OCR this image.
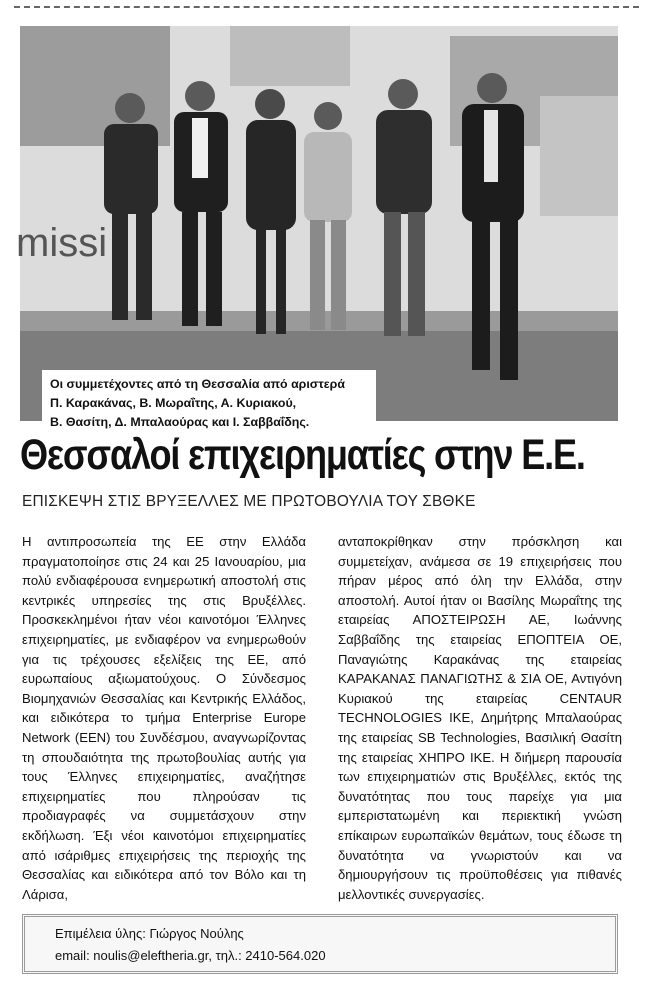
missi
Οι συμμετέχοντες από τη Θεσσαλία από αριστερά
Π. Καρακάνας, Β. Μωραΐτης, Α. Κυριακού,
Β. Θασίτη, Δ. Μπαλαούρας και Ι. Σαββαΐδης.
Θεσσαλοί επιχειρηματίες στην Ε.Ε.
ΕΠΙΣΚΕΨΗ ΣΤΙΣ ΒΡΥΞΕΛΛΕΣ ΜΕ ΠΡΩΤΟΒΟΥΛΙΑ ΤΟΥ ΣΒΘΚΕ
Η αντιπροσωπεία της ΕΕ στην Ελλάδα πραγματοποίησε στις 24 και 25 Ιανουαρίου, μια πολύ ενδιαφέρουσα ενημερωτική αποστολή στις κεντρικές υπηρεσίες της στις Βρυξέλλες. Προσκεκλημένοι ήταν νέοι καινοτόμοι Έλληνες επιχειρηματίες, με ενδιαφέρον να ενημερωθούν για τις τρέχουσες εξελίξεις της ΕΕ, από ευρωπαίους αξιωματούχους. Ο Σύνδεσμος Βιομηχανιών Θεσσαλίας και Κεντρικής Ελλάδος, και ειδικότερα το τμήμα Enterprise Europe Network (EEN) του Συνδέσμου, αναγνωρίζοντας τη σπουδαιότητα της πρωτοβουλίας αυτής για τους Έλληνες επιχειρηματίες, αναζήτησε επιχειρηματίες που πληρούσαν τις προδιαγραφές να συμμετάσχουν στην εκδήλωση. Έξι νέοι καινοτόμοι επιχειρηματίες από ισάριθμες επιχειρήσεις της περιοχής της Θεσσαλίας και ειδικότερα από τον Βόλο και τη Λάρισα,
ανταποκρίθηκαν στην πρόσκληση και συμμετείχαν, ανάμεσα σε 19 επιχειρήσεις που πήραν μέρος από όλη την Ελλάδα, στην αποστολή. Αυτοί ήταν οι Βασίλης Μωραΐτης της εταιρείας ΑΠΟΣΤΕΙΡΩΣΗ ΑΕ, Ιωάννης Σαββαΐδης της εταιρείας ΕΠΟΠΤΕΙΑ ΟΕ, Παναγιώτης Καρακάνας της εταιρείας ΚΑΡΑΚΑΝΑΣ ΠΑΝΑΓΙΩΤΗΣ & ΣΙΑ ΟΕ, Αντιγόνη Κυριακού της εταιρείας CENTAUR TECHNOLOGIES IKE, Δημήτρης Μπαλαούρας της εταιρείας SB Technologies, Βασιλική Θασίτη της εταιρείας ΧΗΠΡΟ ΙΚΕ. Η διήμερη παρουσία των επιχειρηματιών στις Βρυξέλλες, εκτός της δυνατότητας που τους παρείχε για μια εμπεριστατωμένη και περιεκτική γνώση επίκαιρων ευρωπαϊκών θεμάτων, τους έδωσε τη δυνατότητα να γνωριστούν και να δημιουργήσουν τις προϋποθέσεις για πιθανές μελλοντικές συνεργασίες.
Επιμέλεια ύλης: Γιώργος Νούλης
email: noulis@eleftheria.gr, τηλ.: 2410-564.020
